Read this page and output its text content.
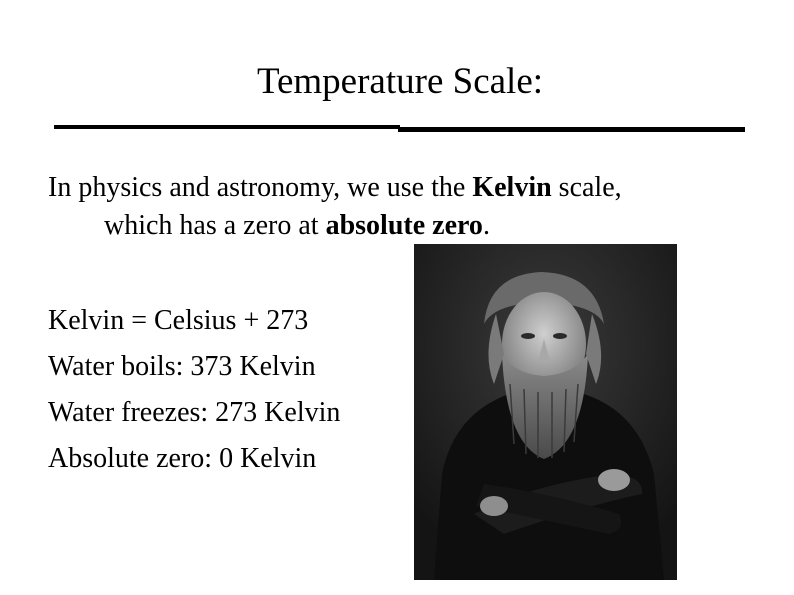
Temperature Scale:
In physics and astronomy, we use the Kelvin scale,
which has a zero at absolute zero.
Kelvin = Celsius + 273
Water boils: 373 Kelvin
Water freezes: 273 Kelvin
Absolute zero: 0 Kelvin
